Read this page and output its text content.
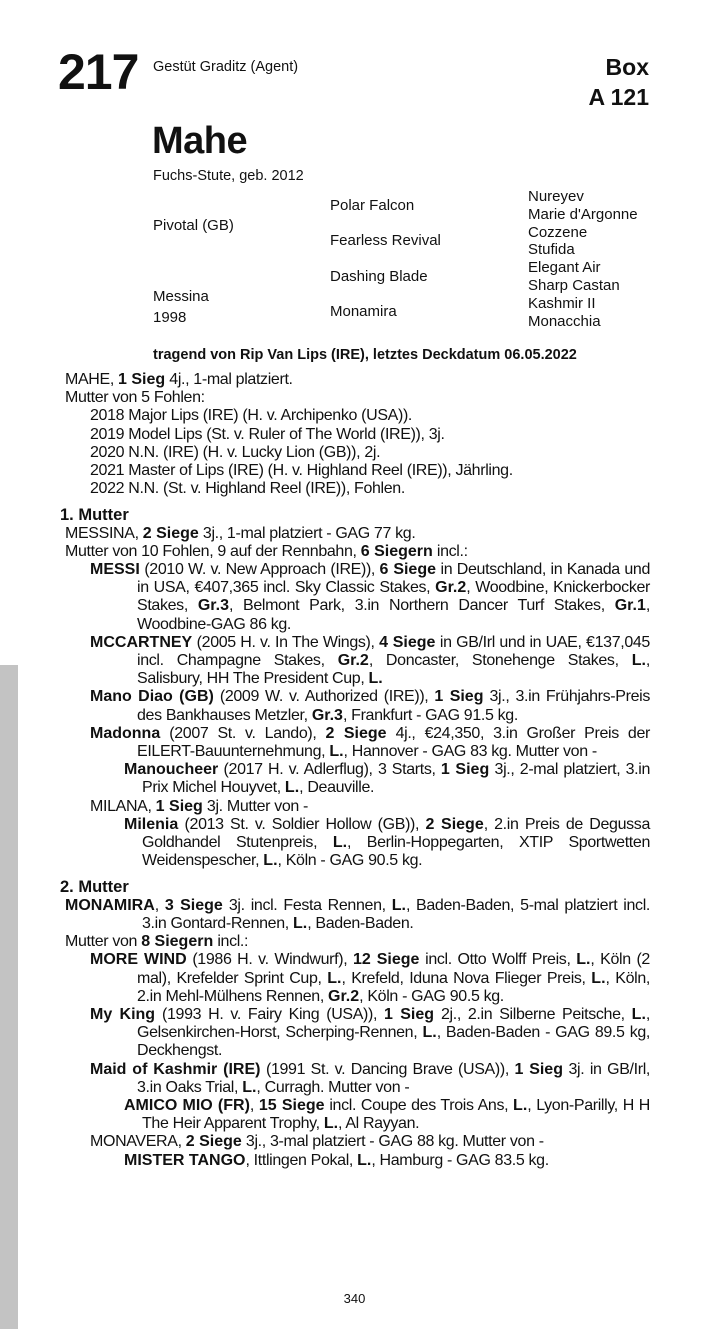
217 Gestüt Graditz (Agent)	Box
A 121
Mahe
Fuchs-Stute, geb. 2012
Pivotal (GB)
Messina
1998
Polar Falcon
Fearless Revival
Dashing Blade
Monamira
Nureyev
Marie d'Argonne
Cozzene
Stufida
Elegant Air
Sharp Castan
Kashmir II
Monacchia
tragend von Rip Van Lips (IRE), letztes Deckdatum 06.05.2022
MAHE, 1 Sieg 4j., 1-mal platziert.
Mutter von 5 Fohlen:
2018 Major Lips (IRE) (H. v. Archipenko (USA)).
2019 Model Lips (St. v. Ruler of The World (IRE)), 3j.
2020 N.N. (IRE) (H. v. Lucky Lion (GB)), 2j.
2021 Master of Lips (IRE) (H. v. Highland Reel (IRE)), Jährling.
2022 N.N. (St. v. Highland Reel (IRE)), Fohlen.
1. Mutter
MESSINA, 2 Siege 3j., 1-mal platziert - GAG 77 kg.
Mutter von 10 Fohlen, 9 auf der Rennbahn, 6 Siegern incl.:
MESSI (2010 W. v. New Approach (IRE)), 6 Siege in Deutschland, in Kanada und in USA, €407,365 incl. Sky Classic Stakes, Gr.2, Woodbine, Knickerbocker Stakes, Gr.3, Belmont Park, 3.in Northern Dancer Turf Stakes, Gr.1, Woodbine-GAG 86 kg.
MCCARTNEY (2005 H. v. In The Wings), 4 Siege in GB/Irl und in UAE, €137,045 incl. Champagne Stakes, Gr.2, Doncaster, Stonehenge Stakes, L., Salisbury, HH The President Cup, L.
Mano Diao (GB) (2009 W. v. Authorized (IRE)), 1 Sieg 3j., 3.in Frühjahrs-Preis des Bankhauses Metzler, Gr.3, Frankfurt - GAG 91.5 kg.
Madonna (2007 St. v. Lando), 2 Siege 4j., €24,350, 3.in Großer Preis der EILERT-Bauunternehmung, L., Hannover - GAG 83 kg. Mutter von -
Manoucheer (2017 H. v. Adlerflug), 3 Starts, 1 Sieg 3j., 2-mal platziert, 3.in Prix Michel Houyvet, L., Deauville.
MILANA, 1 Sieg 3j. Mutter von -
Milenia (2013 St. v. Soldier Hollow (GB)), 2 Siege, 2.in Preis de Degussa Goldhandel Stutenpreis, L., Berlin-Hoppegarten, XTIP Sportwetten Weidenspescher, L., Köln - GAG 90.5 kg.
2. Mutter
MONAMIRA, 3 Siege 3j. incl. Festa Rennen, L., Baden-Baden, 5-mal platziert incl. 3.in Gontard-Rennen, L., Baden-Baden.
Mutter von 8 Siegern incl.:
MORE WIND (1986 H. v. Windwurf), 12 Siege incl. Otto Wolff Preis, L., Köln (2 mal), Krefelder Sprint Cup, L., Krefeld, Iduna Nova Flieger Preis, L., Köln, 2.in Mehl-Mülhens Rennen, Gr.2, Köln - GAG 90.5 kg.
My King (1993 H. v. Fairy King (USA)), 1 Sieg 2j., 2.in Silberne Peitsche, L., Gelsenkirchen-Horst, Scherping-Rennen, L., Baden-Baden - GAG 89.5 kg, Deckhengst.
Maid of Kashmir (IRE) (1991 St. v. Dancing Brave (USA)), 1 Sieg 3j. in GB/Irl, 3.in Oaks Trial, L., Curragh. Mutter von -
AMICO MIO (FR), 15 Siege incl. Coupe des Trois Ans, L., Lyon-Parilly, H H The Heir Apparent Trophy, L., Al Rayyan.
MONAVERA, 2 Siege 3j., 3-mal platziert - GAG 88 kg. Mutter von -
MISTER TANGO, Ittlingen Pokal, L., Hamburg - GAG 83.5 kg.
340
